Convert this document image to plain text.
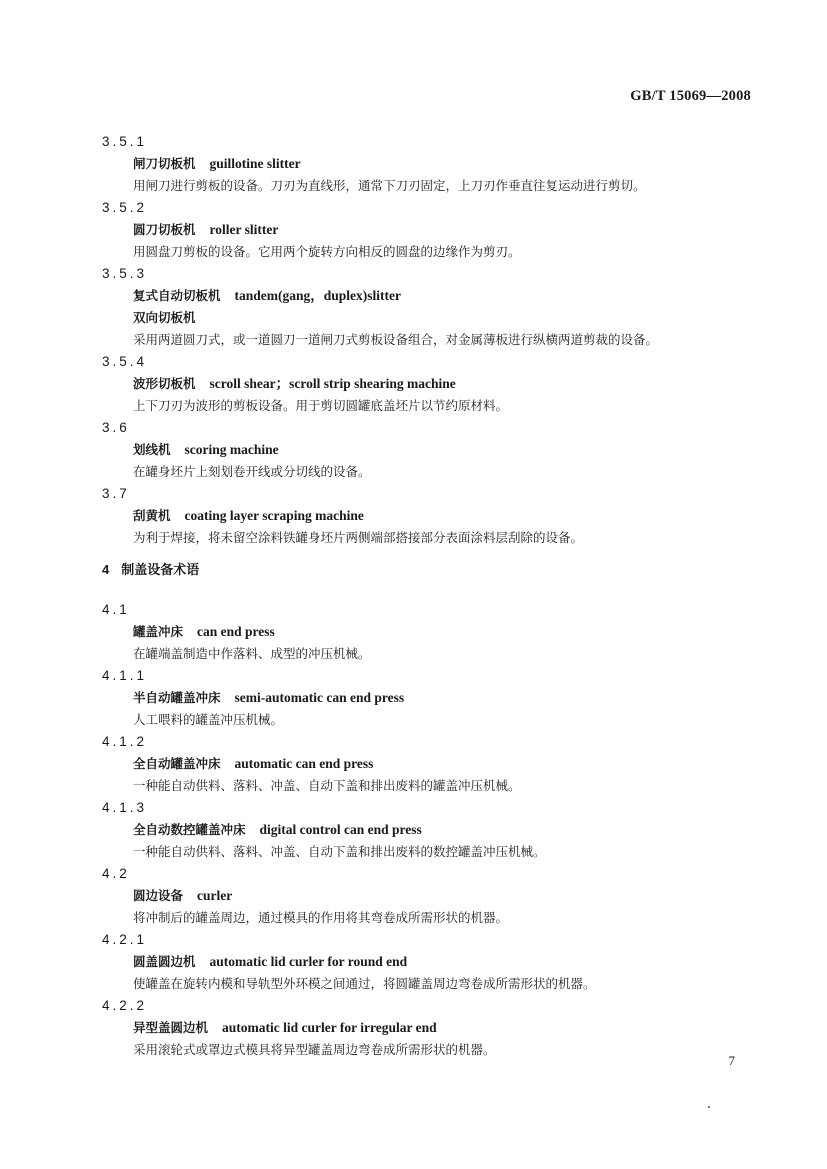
GB/T 15069—2008
3.5.1
闸刀切板机 guillotine slitter
用闸刀进行剪板的设备。刀刃为直线形，通常下刀刃固定，上刀刃作垂直往复运动进行剪切。
3.5.2
圆刀切板机 roller slitter
用圆盘刀剪板的设备。它用两个旋转方向相反的圆盘的边缘作为剪刃。
3.5.3
复式自动切板机 tandem(gang，duplex)slitter
双向切板机
采用两道圆刀式，或一道圆刀一道闸刀式剪板设备组合，对金属薄板进行纵横两道剪裁的设备。
3.5.4
波形切板机 scroll shear；scroll strip shearing machine
上下刀刃为波形的剪板设备。用于剪切圆罐底盖坯片以节约原材料。
3.6
划线机 scoring machine
在罐身坯片上刻划卷开线或分切线的设备。
3.7
刮黄机 coating layer scraping machine
为利于焊接，将未留空涂料铁罐身坯片两侧端部搭接部分表面涂料层刮除的设备。
4 制盖设备术语
4.1
罐盖冲床 can end press
在罐端盖制造中作落料、成型的冲压机械。
4.1.1
半自动罐盖冲床 semi-automatic can end press
人工喂料的罐盖冲压机械。
4.1.2
全自动罐盖冲床 automatic can end press
一种能自动供料、落料、冲盖、自动下盖和排出废料的罐盖冲压机械。
4.1.3
全自动数控罐盖冲床 digital control can end press
一种能自动供料、落料、冲盖、自动下盖和排出废料的数控罐盖冲压机械。
4.2
圆边设备 curler
将冲制后的罐盖周边，通过模具的作用将其弯卷成所需形状的机器。
4.2.1
圆盖圆边机 automatic lid curler for round end
使罐盖在旋转内模和导轨型外环模之间通过，将圆罐盖周边弯卷成所需形状的机器。
4.2.2
异型盖圆边机 automatic lid curler for irregular end
采用滚轮式或罩边式模具将异型罐盖周边弯卷成所需形状的机器。
7
